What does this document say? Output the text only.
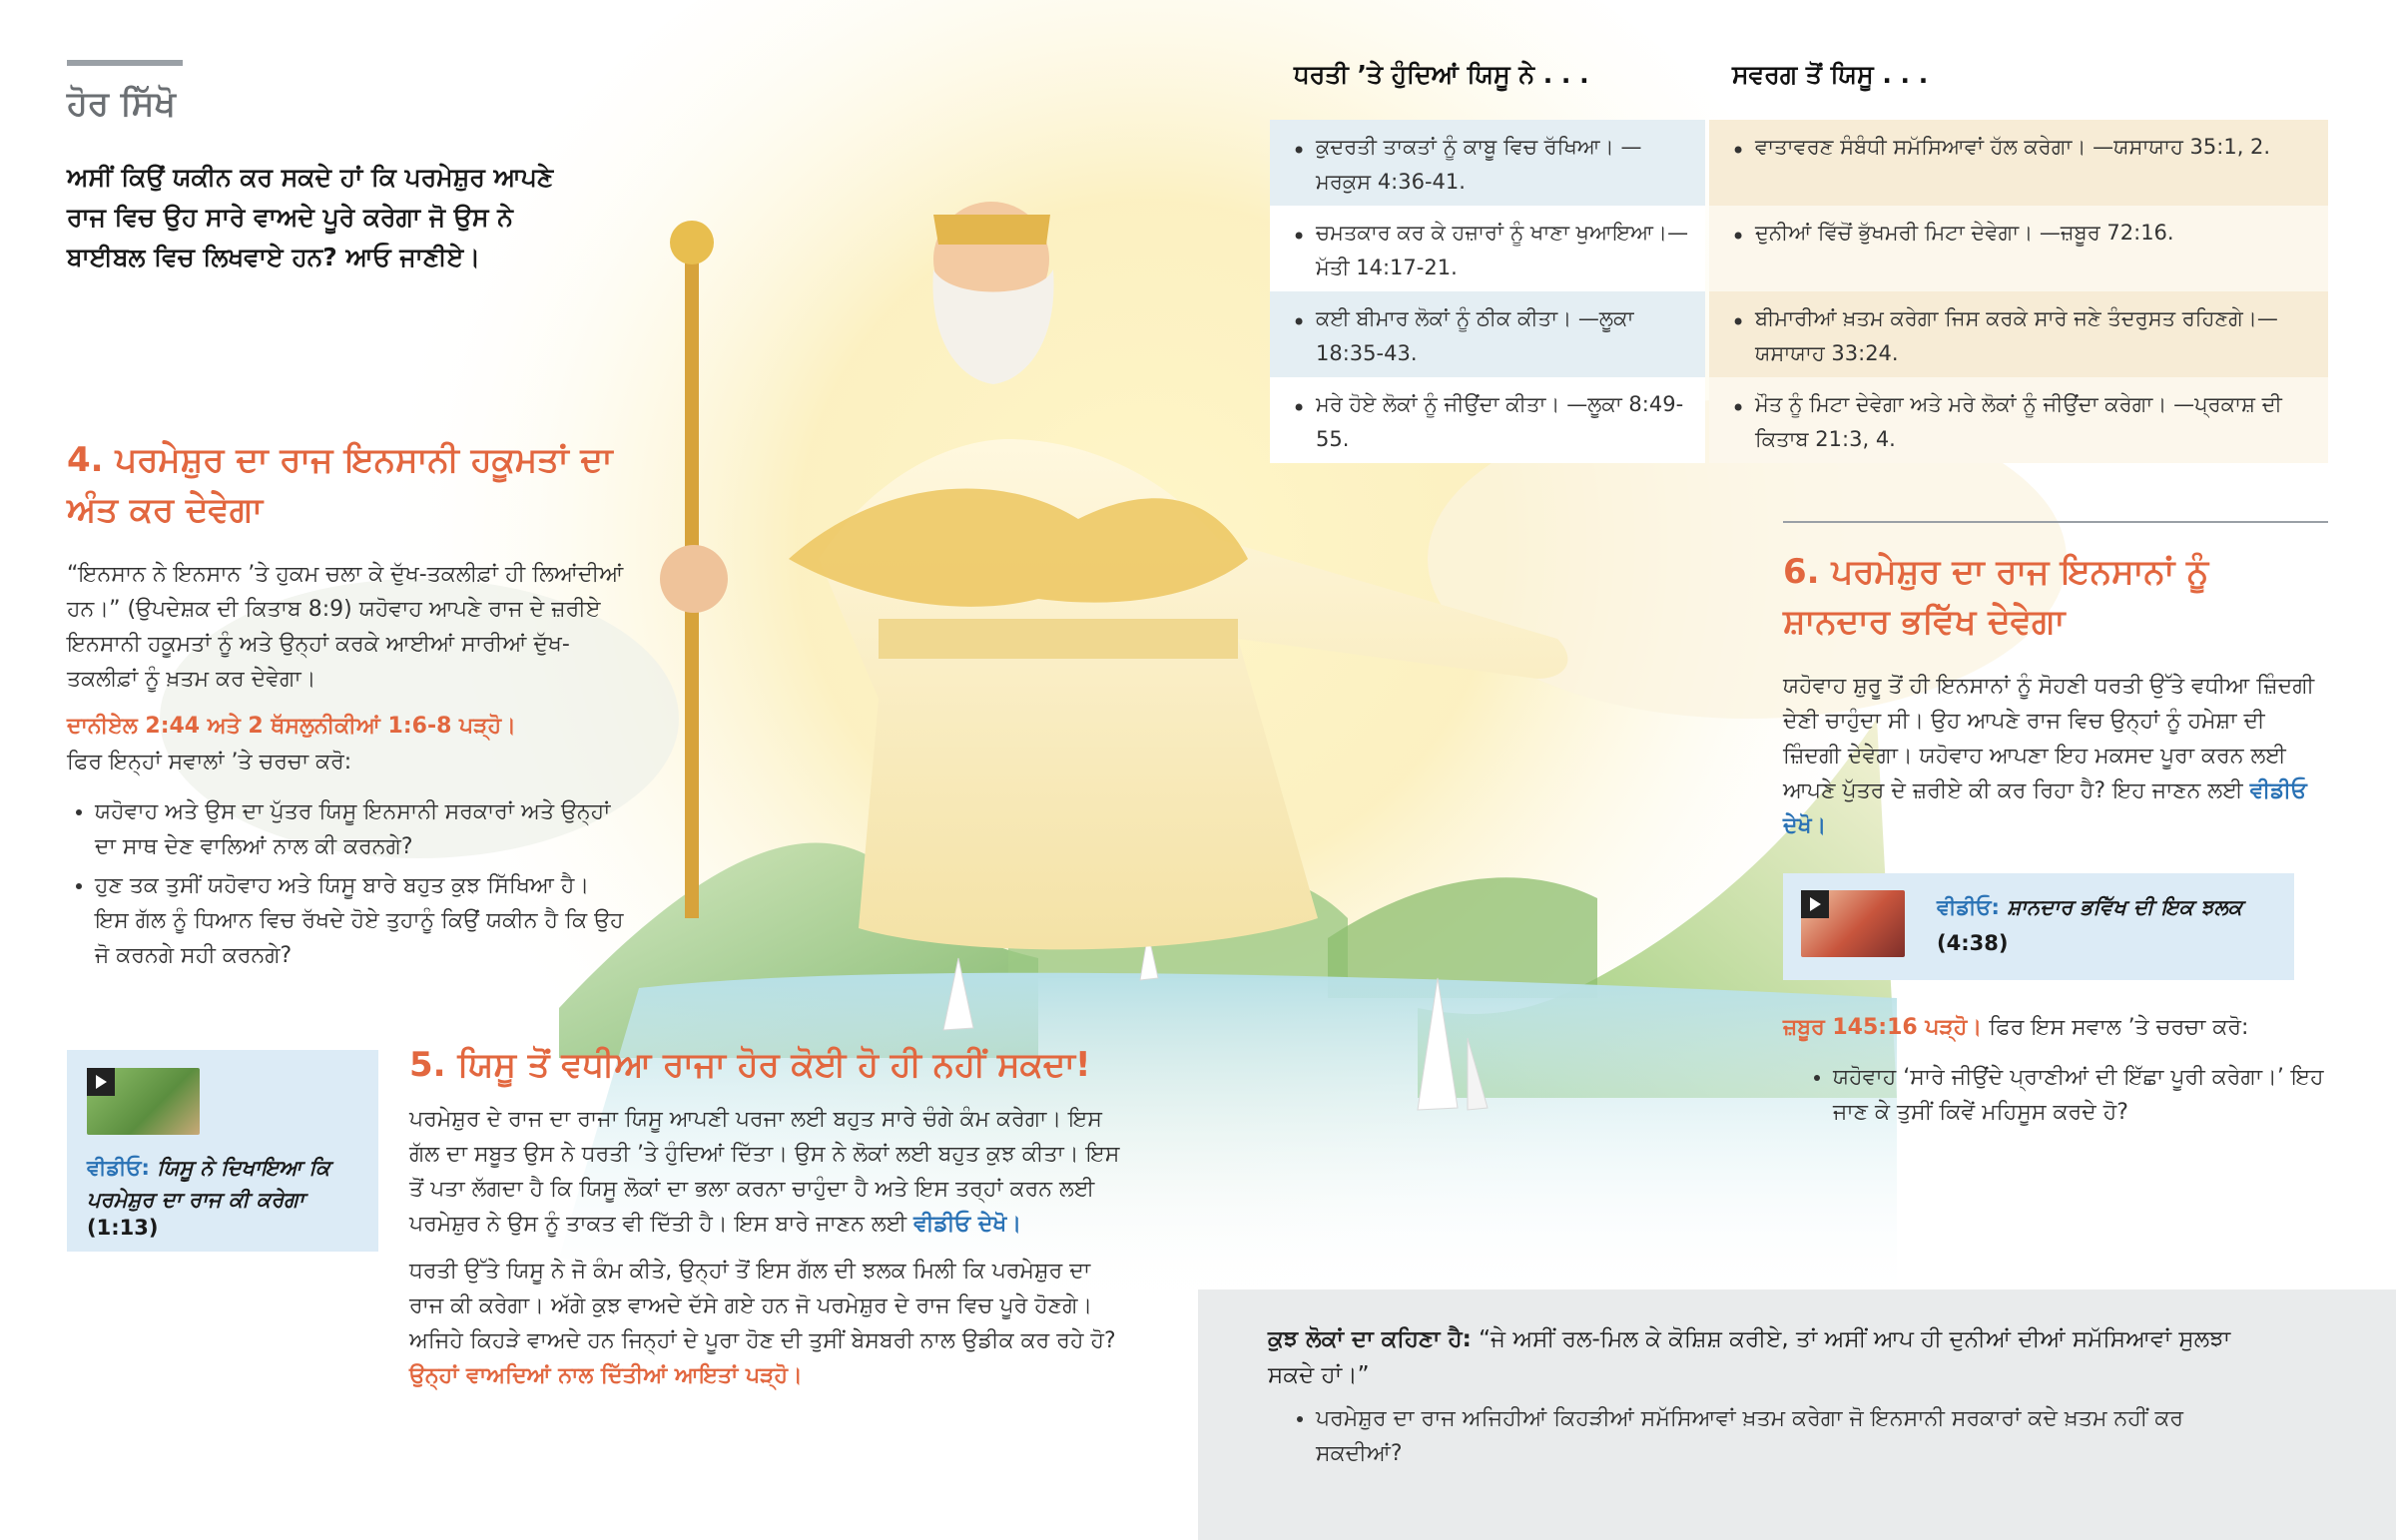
ਹੋਰ ਸਿੱਖੋ
ਅਸੀਂ ਕਿਉਂ ਯਕੀਨ ਕਰ ਸਕਦੇ ਹਾਂ ਕਿ ਪਰਮੇਸ਼ੁਰ ਆਪਣੇ ਰਾਜ ਵਿਚ ਉਹ ਸਾਰੇ ਵਾਅਦੇ ਪੂਰੇ ਕਰੇਗਾ ਜੋ ਉਸ ਨੇ ਬਾਈਬਲ ਵਿਚ ਲਿਖਵਾਏ ਹਨ? ਆਓ ਜਾਣੀਏ।
4. ਪਰਮੇਸ਼ੁਰ ਦਾ ਰਾਜ ਇਨਸਾਨੀ ਹਕੂਮਤਾਂ ਦਾ ਅੰਤ ਕਰ ਦੇਵੇਗਾ
“ਇਨਸਾਨ ਨੇ ਇਨਸਾਨ ’ਤੇ ਹੁਕਮ ਚਲਾ ਕੇ ਦੁੱਖ-ਤਕਲੀਫ਼ਾਂ ਹੀ ਲਿਆਂਦੀਆਂ ਹਨ।” (ਉਪਦੇਸ਼ਕ ਦੀ ਕਿਤਾਬ 8:9) ਯਹੋਵਾਹ ਆਪਣੇ ਰਾਜ ਦੇ ਜ਼ਰੀਏ ਇਨਸਾਨੀ ਹਕੂਮਤਾਂ ਨੂੰ ਅਤੇ ਉਨ੍ਹਾਂ ਕਰਕੇ ਆਈਆਂ ਸਾਰੀਆਂ ਦੁੱਖ-ਤਕਲੀਫ਼ਾਂ ਨੂੰ ਖ਼ਤਮ ਕਰ ਦੇਵੇਗਾ।
ਦਾਨੀਏਲ 2:44 ਅਤੇ 2 ਥੱਸਲੁਨੀਕੀਆਂ 1:6-8 ਪੜ੍ਹੋ।
ਫਿਰ ਇਨ੍ਹਾਂ ਸਵਾਲਾਂ ’ਤੇ ਚਰਚਾ ਕਰੋ:
• ਯਹੋਵਾਹ ਅਤੇ ਉਸ ਦਾ ਪੁੱਤਰ ਯਿਸੂ ਇਨਸਾਨੀ ਸਰਕਾਰਾਂ ਅਤੇ ਉਨ੍ਹਾਂ ਦਾ ਸਾਥ ਦੇਣ ਵਾਲਿਆਂ ਨਾਲ ਕੀ ਕਰਨਗੇ?
• ਹੁਣ ਤਕ ਤੁਸੀਂ ਯਹੋਵਾਹ ਅਤੇ ਯਿਸੂ ਬਾਰੇ ਬਹੁਤ ਕੁਝ ਸਿੱਖਿਆ ਹੈ। ਇਸ ਗੱਲ ਨੂੰ ਧਿਆਨ ਵਿਚ ਰੱਖਦੇ ਹੋਏ ਤੁਹਾਨੂੰ ਕਿਉਂ ਯਕੀਨ ਹੈ ਕਿ ਉਹ ਜੋ ਕਰਨਗੇ ਸਹੀ ਕਰਨਗੇ?
ਵੀਡੀਓ: ਯਿਸੂ ਨੇ ਦਿਖਾਇਆ ਕਿ ਪਰਮੇਸ਼ੁਰ ਦਾ ਰਾਜ ਕੀ ਕਰੇਗਾ
(1:13)
5. ਯਿਸੂ ਤੋਂ ਵਧੀਆ ਰਾਜਾ ਹੋਰ ਕੋਈ ਹੋ ਹੀ ਨਹੀਂ ਸਕਦਾ!
ਪਰਮੇਸ਼ੁਰ ਦੇ ਰਾਜ ਦਾ ਰਾਜਾ ਯਿਸੂ ਆਪਣੀ ਪਰਜਾ ਲਈ ਬਹੁਤ ਸਾਰੇ ਚੰਗੇ ਕੰਮ ਕਰੇਗਾ। ਇਸ ਗੱਲ ਦਾ ਸਬੂਤ ਉਸ ਨੇ ਧਰਤੀ ’ਤੇ ਹੁੰਦਿਆਂ ਦਿੱਤਾ। ਉਸ ਨੇ ਲੋਕਾਂ ਲਈ ਬਹੁਤ ਕੁਝ ਕੀਤਾ। ਇਸ ਤੋਂ ਪਤਾ ਲੱਗਦਾ ਹੈ ਕਿ ਯਿਸੂ ਲੋਕਾਂ ਦਾ ਭਲਾ ਕਰਨਾ ਚਾਹੁੰਦਾ ਹੈ ਅਤੇ ਇਸ ਤਰ੍ਹਾਂ ਕਰਨ ਲਈ ਪਰਮੇਸ਼ੁਰ ਨੇ ਉਸ ਨੂੰ ਤਾਕਤ ਵੀ ਦਿੱਤੀ ਹੈ। ਇਸ ਬਾਰੇ ਜਾਣਨ ਲਈ ਵੀਡੀਓ ਦੇਖੋ।
ਧਰਤੀ ਉੱਤੇ ਯਿਸੂ ਨੇ ਜੋ ਕੰਮ ਕੀਤੇ, ਉਨ੍ਹਾਂ ਤੋਂ ਇਸ ਗੱਲ ਦੀ ਝਲਕ ਮਿਲੀ ਕਿ ਪਰਮੇਸ਼ੁਰ ਦਾ ਰਾਜ ਕੀ ਕਰੇਗਾ। ਅੱਗੇ ਕੁਝ ਵਾਅਦੇ ਦੱਸੇ ਗਏ ਹਨ ਜੋ ਪਰਮੇਸ਼ੁਰ ਦੇ ਰਾਜ ਵਿਚ ਪੂਰੇ ਹੋਣਗੇ। ਅਜਿਹੇ ਕਿਹੜੇ ਵਾਅਦੇ ਹਨ ਜਿਨ੍ਹਾਂ ਦੇ ਪੂਰਾ ਹੋਣ ਦੀ ਤੁਸੀਂ ਬੇਸਬਰੀ ਨਾਲ ਉਡੀਕ ਕਰ ਰਹੇ ਹੋ? ਉਨ੍ਹਾਂ ਵਾਅਦਿਆਂ ਨਾਲ ਦਿੱਤੀਆਂ ਆਇਤਾਂ ਪੜ੍ਹੋ।
ਧਰਤੀ ’ਤੇ ਹੁੰਦਿਆਂ ਯਿਸੂ ਨੇ . . .	ਸਵਰਗ ਤੋਂ ਯਿਸੂ . . .
• ਕੁਦਰਤੀ ਤਾਕਤਾਂ ਨੂੰ ਕਾਬੂ ਵਿਚ ਰੱਖਿਆ। —ਮਰਕੁਸ 4:36-41.
• ਚਮਤਕਾਰ ਕਰ ਕੇ ਹਜ਼ਾਰਾਂ ਨੂੰ ਖਾਣਾ ਖੁਆਇਆ।—ਮੱਤੀ 14:17-21.
• ਕਈ ਬੀਮਾਰ ਲੋਕਾਂ ਨੂੰ ਠੀਕ ਕੀਤਾ। —ਲੂਕਾ 18:35-43.
• ਮਰੇ ਹੋਏ ਲੋਕਾਂ ਨੂੰ ਜੀਉਂਦਾ ਕੀਤਾ। —ਲੂਕਾ 8:49-55.
• ਵਾਤਾਵਰਣ ਸੰਬੰਧੀ ਸਮੱਸਿਆਵਾਂ ਹੱਲ ਕਰੇਗਾ। —ਯਸਾਯਾਹ 35:1, 2.
• ਦੁਨੀਆਂ ਵਿੱਚੋਂ ਭੁੱਖਮਰੀ ਮਿਟਾ ਦੇਵੇਗਾ। —ਜ਼ਬੂਰ 72:16.
• ਬੀਮਾਰੀਆਂ ਖ਼ਤਮ ਕਰੇਗਾ ਜਿਸ ਕਰਕੇ ਸਾਰੇ ਜਣੇ ਤੰਦਰੁਸਤ ਰਹਿਣਗੇ।—ਯਸਾਯਾਹ 33:24.
• ਮੌਤ ਨੂੰ ਮਿਟਾ ਦੇਵੇਗਾ ਅਤੇ ਮਰੇ ਲੋਕਾਂ ਨੂੰ ਜੀਉਂਦਾ ਕਰੇਗਾ। —ਪ੍ਰਕਾਸ਼ ਦੀ ਕਿਤਾਬ 21:3, 4.
6. ਪਰਮੇਸ਼ੁਰ ਦਾ ਰਾਜ ਇਨਸਾਨਾਂ ਨੂੰ ਸ਼ਾਨਦਾਰ ਭਵਿੱਖ ਦੇਵੇਗਾ
ਯਹੋਵਾਹ ਸ਼ੁਰੂ ਤੋਂ ਹੀ ਇਨਸਾਨਾਂ ਨੂੰ ਸੋਹਣੀ ਧਰਤੀ ਉੱਤੇ ਵਧੀਆ ਜ਼ਿੰਦਗੀ ਦੇਣੀ ਚਾਹੁੰਦਾ ਸੀ। ਉਹ ਆਪਣੇ ਰਾਜ ਵਿਚ ਉਨ੍ਹਾਂ ਨੂੰ ਹਮੇਸ਼ਾ ਦੀ ਜ਼ਿੰਦਗੀ ਦੇਵੇਗਾ। ਯਹੋਵਾਹ ਆਪਣਾ ਇਹ ਮਕਸਦ ਪੂਰਾ ਕਰਨ ਲਈ ਆਪਣੇ ਪੁੱਤਰ ਦੇ ਜ਼ਰੀਏ ਕੀ ਕਰ ਰਿਹਾ ਹੈ? ਇਹ ਜਾਣਨ ਲਈ ਵੀਡੀਓ ਦੇਖੋ।
ਵੀਡੀਓ: ਸ਼ਾਨਦਾਰ ਭਵਿੱਖ ਦੀ ਇਕ ਝਲਕ
(4:38)
ਜ਼ਬੂਰ 145:16 ਪੜ੍ਹੋ। ਫਿਰ ਇਸ ਸਵਾਲ ’ਤੇ ਚਰਚਾ ਕਰੋ:
• ਯਹੋਵਾਹ ‘ਸਾਰੇ ਜੀਉਂਦੇ ਪ੍ਰਾਣੀਆਂ ਦੀ ਇੱਛਾ ਪੂਰੀ ਕਰੇਗਾ।’ ਇਹ ਜਾਣ ਕੇ ਤੁਸੀਂ ਕਿਵੇਂ ਮਹਿਸੂਸ ਕਰਦੇ ਹੋ?
ਕੁਝ ਲੋਕਾਂ ਦਾ ਕਹਿਣਾ ਹੈ: “ਜੇ ਅਸੀਂ ਰਲ-ਮਿਲ ਕੇ ਕੋਸ਼ਿਸ਼ ਕਰੀਏ, ਤਾਂ ਅਸੀਂ ਆਪ ਹੀ ਦੁਨੀਆਂ ਦੀਆਂ ਸਮੱਸਿਆਵਾਂ ਸੁਲਝਾ ਸਕਦੇ ਹਾਂ।”
• ਪਰਮੇਸ਼ੁਰ ਦਾ ਰਾਜ ਅਜਿਹੀਆਂ ਕਿਹੜੀਆਂ ਸਮੱਸਿਆਵਾਂ ਖ਼ਤਮ ਕਰੇਗਾ ਜੋ ਇਨਸਾਨੀ ਸਰਕਾਰਾਂ ਕਦੇ ਖ਼ਤਮ ਨਹੀਂ ਕਰ ਸਕਦੀਆਂ?
